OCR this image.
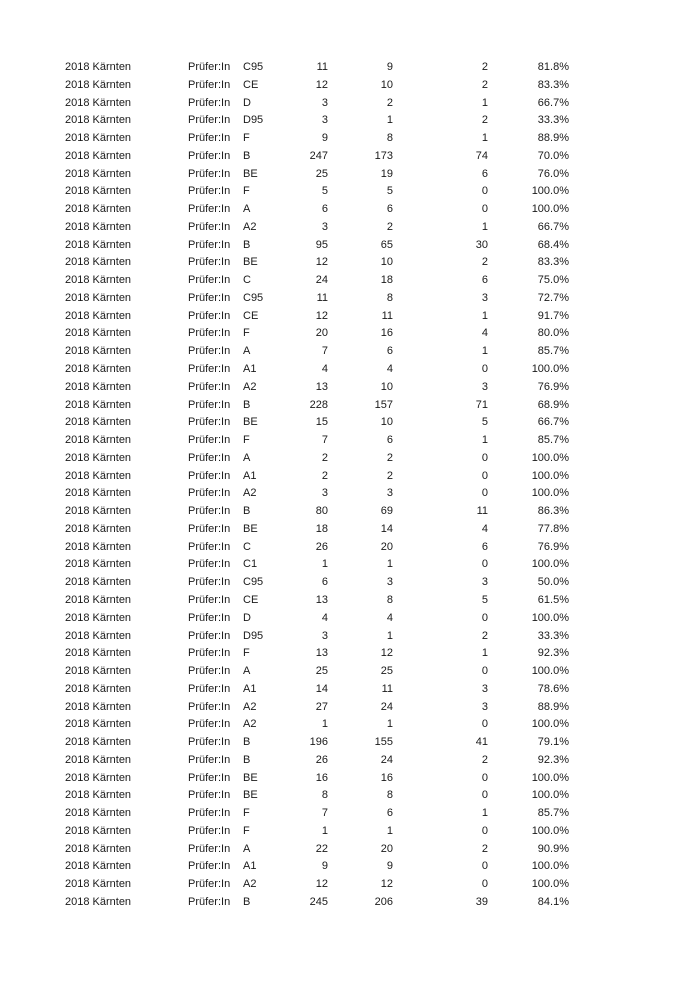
2018 Kärnten	Prüfer:In	C95	11	9	2	81.8%
2018 Kärnten	Prüfer:In	CE	12	10	2	83.3%
2018 Kärnten	Prüfer:In	D	3	2	1	66.7%
2018 Kärnten	Prüfer:In	D95	3	1	2	33.3%
2018 Kärnten	Prüfer:In	F	9	8	1	88.9%
2018 Kärnten	Prüfer:In	B	247	173	74	70.0%
2018 Kärnten	Prüfer:In	BE	25	19	6	76.0%
2018 Kärnten	Prüfer:In	F	5	5	0	100.0%
2018 Kärnten	Prüfer:In	A	6	6	0	100.0%
2018 Kärnten	Prüfer:In	A2	3	2	1	66.7%
2018 Kärnten	Prüfer:In	B	95	65	30	68.4%
2018 Kärnten	Prüfer:In	BE	12	10	2	83.3%
2018 Kärnten	Prüfer:In	C	24	18	6	75.0%
2018 Kärnten	Prüfer:In	C95	11	8	3	72.7%
2018 Kärnten	Prüfer:In	CE	12	11	1	91.7%
2018 Kärnten	Prüfer:In	F	20	16	4	80.0%
2018 Kärnten	Prüfer:In	A	7	6	1	85.7%
2018 Kärnten	Prüfer:In	A1	4	4	0	100.0%
2018 Kärnten	Prüfer:In	A2	13	10	3	76.9%
2018 Kärnten	Prüfer:In	B	228	157	71	68.9%
2018 Kärnten	Prüfer:In	BE	15	10	5	66.7%
2018 Kärnten	Prüfer:In	F	7	6	1	85.7%
2018 Kärnten	Prüfer:In	A	2	2	0	100.0%
2018 Kärnten	Prüfer:In	A1	2	2	0	100.0%
2018 Kärnten	Prüfer:In	A2	3	3	0	100.0%
2018 Kärnten	Prüfer:In	B	80	69	11	86.3%
2018 Kärnten	Prüfer:In	BE	18	14	4	77.8%
2018 Kärnten	Prüfer:In	C	26	20	6	76.9%
2018 Kärnten	Prüfer:In	C1	1	1	0	100.0%
2018 Kärnten	Prüfer:In	C95	6	3	3	50.0%
2018 Kärnten	Prüfer:In	CE	13	8	5	61.5%
2018 Kärnten	Prüfer:In	D	4	4	0	100.0%
2018 Kärnten	Prüfer:In	D95	3	1	2	33.3%
2018 Kärnten	Prüfer:In	F	13	12	1	92.3%
2018 Kärnten	Prüfer:In	A	25	25	0	100.0%
2018 Kärnten	Prüfer:In	A1	14	11	3	78.6%
2018 Kärnten	Prüfer:In	A2	27	24	3	88.9%
2018 Kärnten	Prüfer:In	A2	1	1	0	100.0%
2018 Kärnten	Prüfer:In	B	196	155	41	79.1%
2018 Kärnten	Prüfer:In	B	26	24	2	92.3%
2018 Kärnten	Prüfer:In	BE	16	16	0	100.0%
2018 Kärnten	Prüfer:In	BE	8	8	0	100.0%
2018 Kärnten	Prüfer:In	F	7	6	1	85.7%
2018 Kärnten	Prüfer:In	F	1	1	0	100.0%
2018 Kärnten	Prüfer:In	A	22	20	2	90.9%
2018 Kärnten	Prüfer:In	A1	9	9	0	100.0%
2018 Kärnten	Prüfer:In	A2	12	12	0	100.0%
2018 Kärnten	Prüfer:In	B	245	206	39	84.1%
